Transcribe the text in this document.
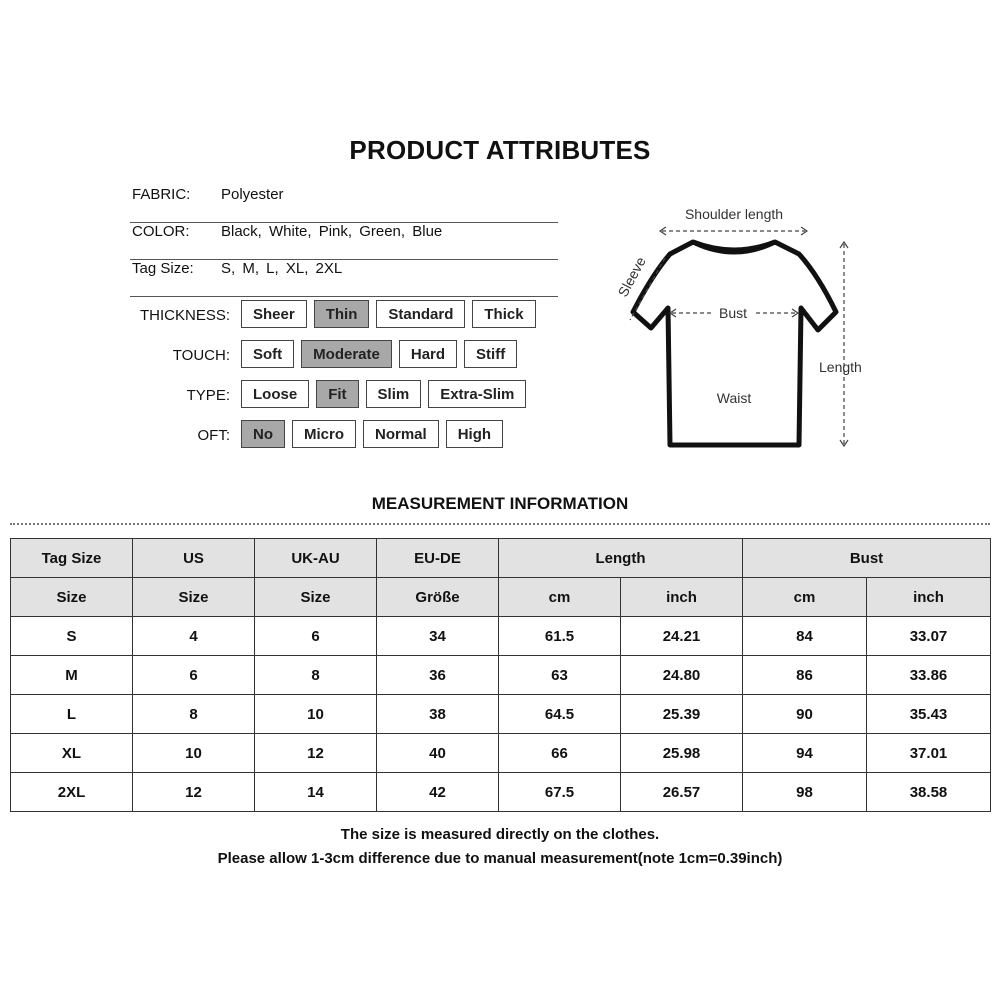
PRODUCT ATTRIBUTES
FABRIC: Polyester
COLOR: Black, White, Pink, Green, Blue
Tag Size: S, M, L, XL, 2XL
THICKNESS:	Sheer Thin Standard Thick
TOUCH:	Soft Moderate Hard Stiff
TYPE:	Loose Fit Slim Extra-Slim
OFT:	No Micro Normal High
Shoulder length
Sleeve
Bust
Waist
Length
MEASUREMENT INFORMATION
Tag Size	US	UK-AU	EU-DE	Length		Bust	
Size	Size	Size	Größe	cm	inch	cm	inch
S	4	6	34	61.5	24.21	84	33.07
M	6	8	36	63	24.80	86	33.86
L	8	10	38	64.5	25.39	90	35.43
XL	10	12	40	66	25.98	94	37.01
2XL	12	14	42	67.5	26.57	98	38.58
The size is measured directly on the clothes.
Please allow 1-3cm difference due to manual measurement(note 1cm=0.39inch)
